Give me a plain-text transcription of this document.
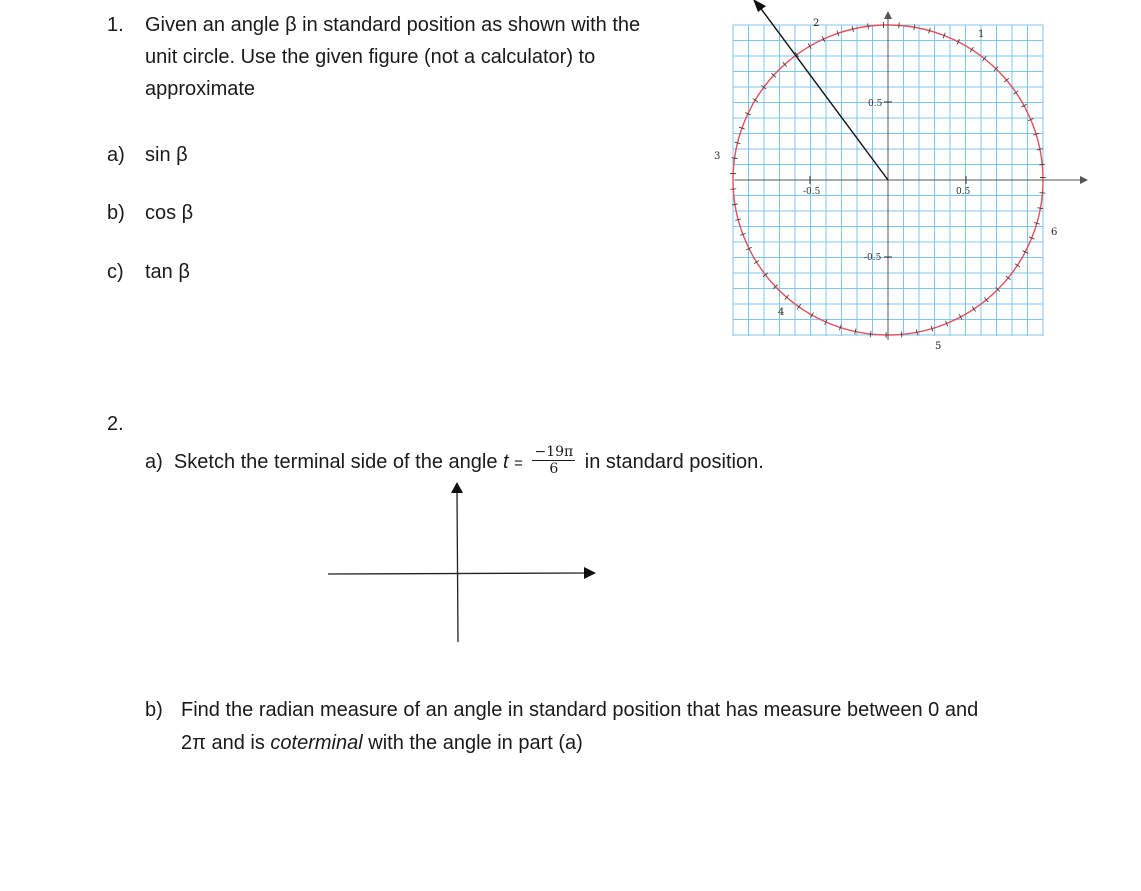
1. Given an angle β in standard position as shown with the
unit circle. Use the given figure (not a calculator) to
approximate
a) sin β
b) cos β
c) tan β
0.5
-0.5
-0.5	0.5
1
2
3
4
5
6
2.
a) Sketch the terminal side of the angle $t = \frac{-19\pi}{6}$ in standard position.
b) Find the radian measure of an angle in standard position that has measure between 0 and
2π and is coterminal with the angle in part (a)
